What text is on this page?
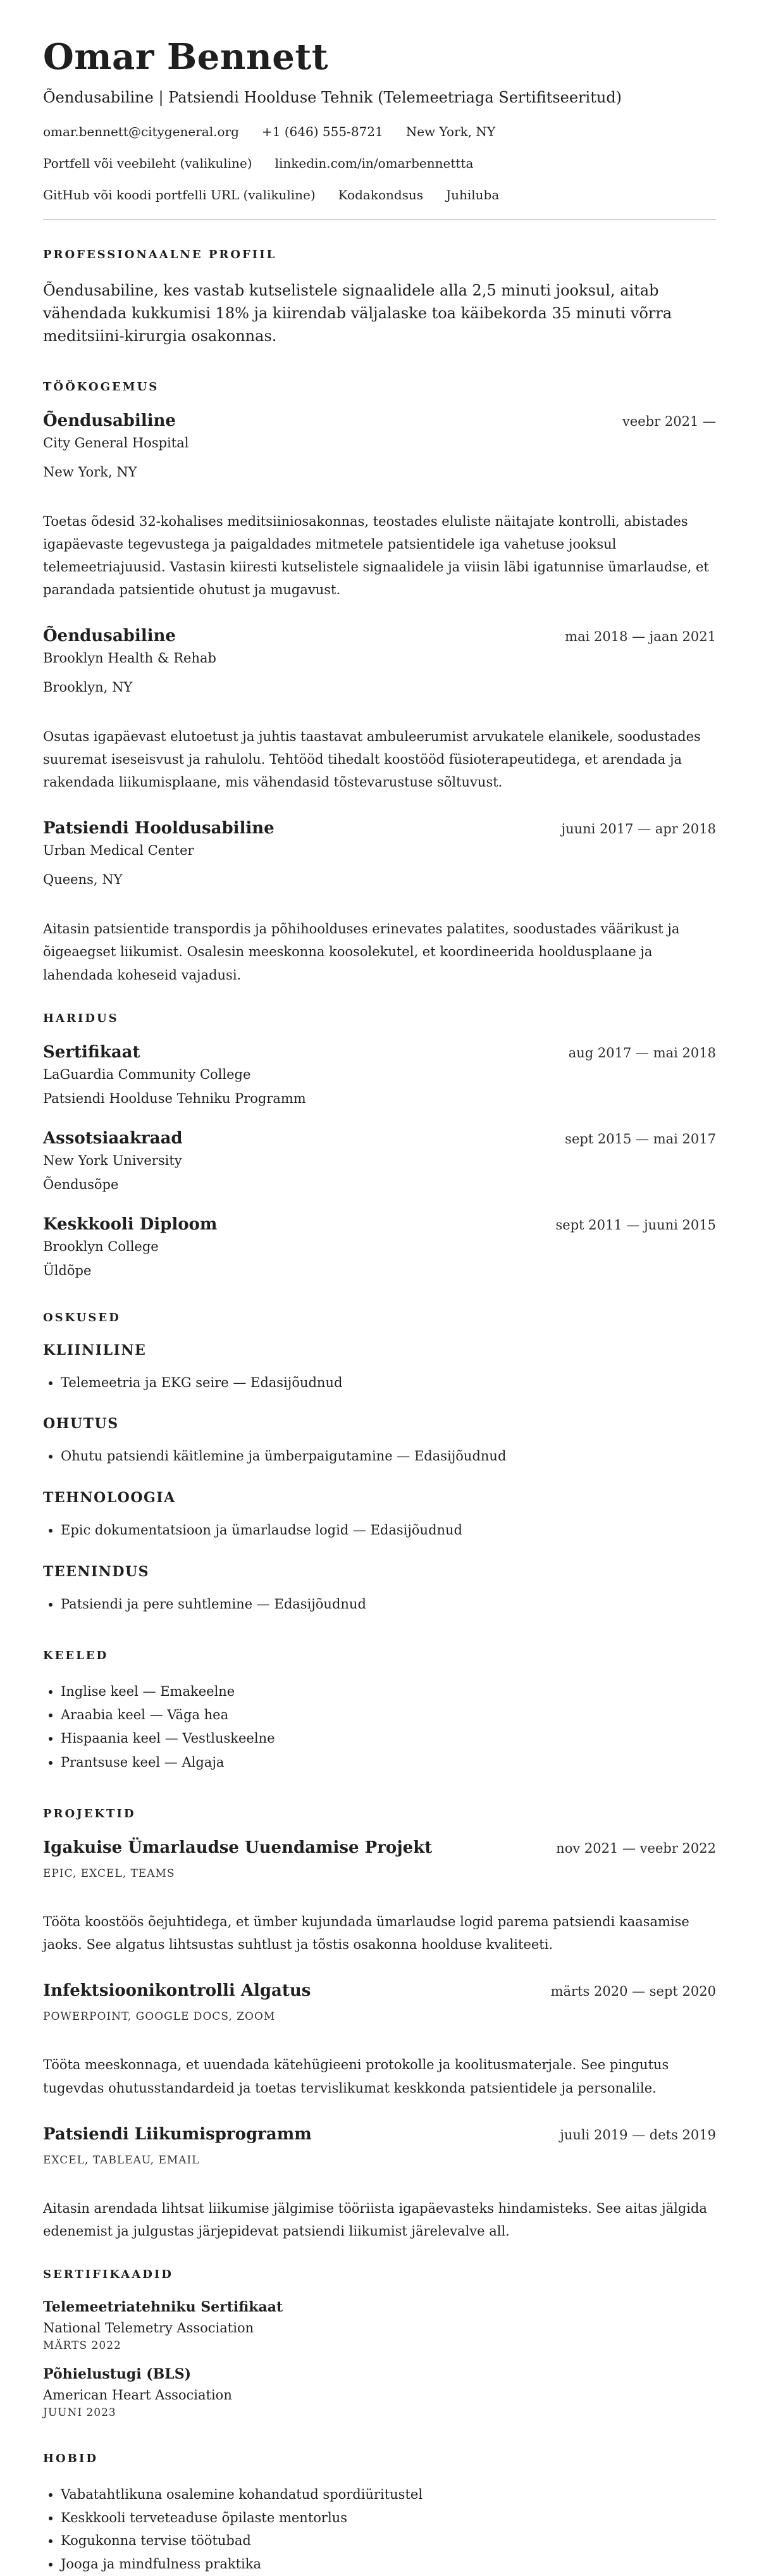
Omar Bennett
Õendusabiline | Patsiendi Hoolduse Tehnik (Telemeetriaga Sertifitseeritud)
omar.bennett@citygeneral.org +1 (646) 555-8721 New York, NY
Portfell või veebileht (valikuline) linkedin.com/in/omarbennettta
GitHub või koodi portfelli URL (valikuline) Kodakondsus Juhiluba
PROFESSIONAALNE PROFIIL
Õendusabiline, kes vastab kutselistele signaalidele alla 2,5 minuti jooksul, aitab vähendada kukkumisi 18% ja kiirendab väljalaske toa käibekorda 35 minuti võrra meditsiini-kirurgia osakonnas.
TÖÖKOGEMUS
Õendusabiline	veebr 2021 —
City General Hospital
New York, NY
Toetas õdesid 32-kohalises meditsiiniosakonnas, teostades eluliste näitajate kontrolli, abistades igapäevaste tegevustega ja paigaldades mitmetele patsientidele iga vahetuse jooksul telemeetriajuusid. Vastasin kiiresti kutselistele signaalidele ja viisin läbi igatunnise ümarlaudse, et parandada patsientide ohutust ja mugavust.
Õendusabiline	mai 2018 — jaan 2021
Brooklyn Health & Rehab
Brooklyn, NY
Osutas igapäevast elutoetust ja juhtis taastavat ambuleerumist arvukatele elanikele, soodustades suuremat iseseisvust ja rahulolu. Tehtööd tihedalt koostööd füsioterapeutidega, et arendada ja rakendada liikumisplaane, mis vähendasid tõstevarustuse sõltuvust.
Patsiendi Hooldusabiline	juuni 2017 — apr 2018
Urban Medical Center
Queens, NY
Aitasin patsientide transpordis ja põhihoolduses erinevates palatites, soodustades väärikust ja õigeaegset liikumist. Osalesin meeskonna koosolekutel, et koordineerida hooldusplaane ja lahendada koheseid vajadusi.
HARIDUS
Sertifikaat	aug 2017 — mai 2018
LaGuardia Community College
Patsiendi Hoolduse Tehniku Programm
Assotsiaakraad	sept 2015 — mai 2017
New York University
Õendusõpe
Keskkooli Diploom	sept 2011 — juuni 2015
Brooklyn College
Üldõpe
OSKUSED
KLIINILINE
• Telemeetria ja EKG seire — Edasijõudnud
OHUTUS
• Ohutu patsiendi käitlemine ja ümberpaigutamine — Edasijõudnud
TEHNOLOOGIA
• Epic dokumentatsioon ja ümarlaudse logid — Edasijõudnud
TEENINDUS
• Patsiendi ja pere suhtlemine — Edasijõudnud
KEELED
• Inglise keel — Emakeelne
• Araabia keel — Väga hea
• Hispaania keel — Vestluskeelne
• Prantsuse keel — Algaja
PROJEKTID
Igakuise Ümarlaudse Uuendamise Projekt	nov 2021 — veebr 2022
EPIC, EXCEL, TEAMS
Tööta koostöös õejuhtidega, et ümber kujundada ümarlaudse logid parema patsiendi kaasamise jaoks. See algatus lihtsustas suhtlust ja tõstis osakonna hoolduse kvaliteeti.
Infektsioonikontrolli Algatus	märts 2020 — sept 2020
POWERPOINT, GOOGLE DOCS, ZOOM
Tööta meeskonnaga, et uuendada kätehügieeni protokolle ja koolitusmaterjale. See pingutus tugevdas ohutusstandardeid ja toetas tervislikumat keskkonda patsientidele ja personalile.
Patsiendi Liikumisprogramm	juuli 2019 — dets 2019
EXCEL, TABLEAU, EMAIL
Aitasin arendada lihtsat liikumise jälgimise tööriista igapäevasteks hindamisteks. See aitas jälgida edenemist ja julgustas järjepidevat patsiendi liikumist järelevalve all.
SERTIFIKAADID
Telemeetriatehniku Sertifikaat
National Telemetry Association
MÄRTS 2022
Põhielustugi (BLS)
American Heart Association
JUUNI 2023
HOBID
• Vabatahtlikuna osalemine kohandatud spordiüritustel
• Keskkooli terveteaduse õpilaste mentorlus
• Kogukonna tervise töötubad
• Jooga ja mindfulness praktika
